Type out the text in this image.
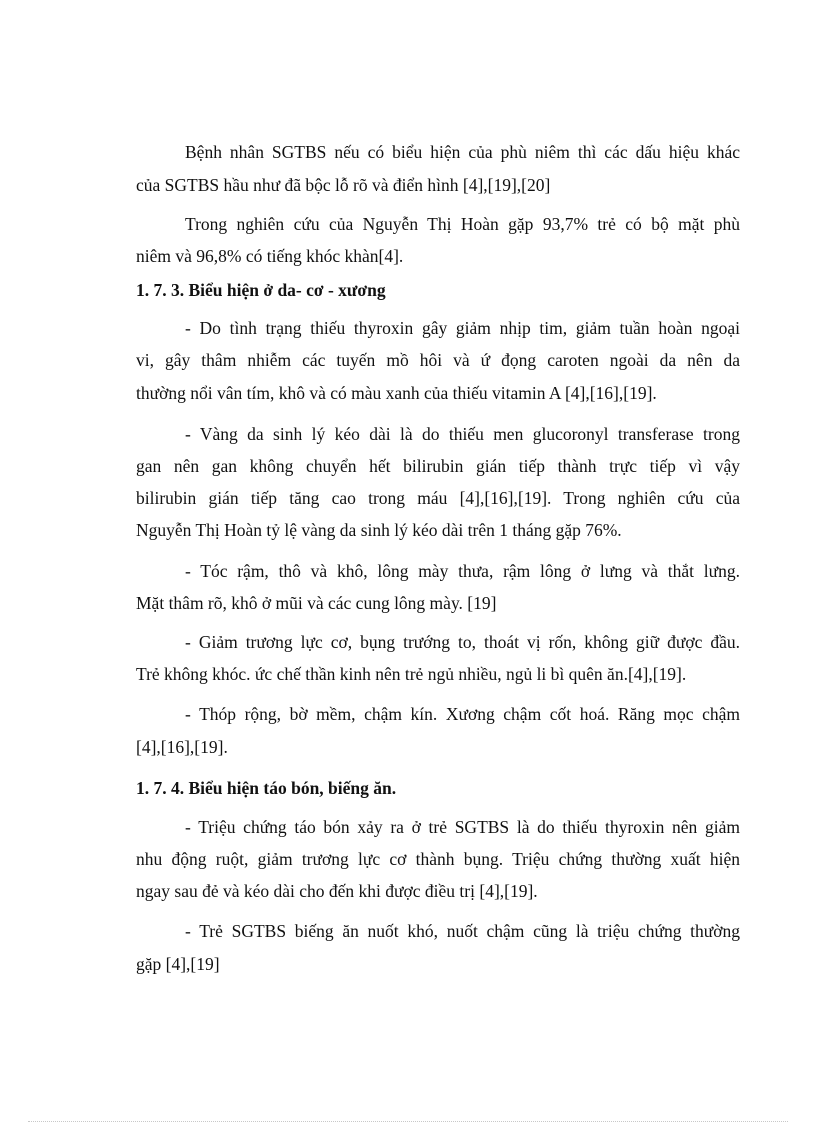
Bệnh nhân SGTBS nếu có biểu hiện của phù niêm thì các dấu hiệu khác
của SGTBS hầu như đã bộc lỗ rõ và điển hình [4],[19],[20]
Trong nghiên cứu của Nguyễn Thị Hoàn gặp 93,7% trẻ có bộ mặt phù
niêm và 96,8% có tiếng khóc khàn[4].
1. 7. 3. Biểu hiện ở da- cơ - xương
- Do tình trạng thiếu thyroxin gây giảm nhịp tim, giảm tuần hoàn ngoại
vi, gây thâm nhiễm các tuyến mồ hôi và ứ đọng caroten ngoài da nên da
thường nổi vân tím, khô và có màu xanh của thiếu vitamin A [4],[16],[19].
- Vàng da sinh lý kéo dài là do thiếu men glucoronyl transferase trong
gan nên gan không chuyển hết bilirubin gián tiếp thành trực tiếp vì vậy
bilirubin gián tiếp tăng cao trong máu [4],[16],[19]. Trong nghiên cứu của
Nguyễn Thị Hoàn tỷ lệ vàng da sinh lý kéo dài trên 1 tháng gặp 76%.
- Tóc rậm, thô và khô, lông mày thưa, rậm lông ở lưng và thắt lưng.
Mặt thâm rõ, khô ở mũi và các cung lông mày. [19]
- Giảm trương lực cơ, bụng trướng to, thoát vị rốn, không giữ được đầu.
Trẻ không khóc. ức chế thần kinh nên trẻ ngủ nhiều, ngủ li bì quên ăn.[4],[19].
- Thóp rộng, bờ mềm, chậm kín. Xương chậm cốt hoá. Răng mọc chậm
[4],[16],[19].
1. 7. 4. Biểu hiện táo bón, biếng ăn.
- Triệu chứng táo bón xảy ra ở trẻ SGTBS là do thiếu thyroxin nên giảm
nhu động ruột, giảm trương lực cơ thành bụng. Triệu chứng thường xuất hiện
ngay sau đẻ và kéo dài cho đến khi được điều trị [4],[19].
- Trẻ SGTBS biếng ăn nuốt khó, nuốt chậm cũng là triệu chứng thường
gặp [4],[19]
